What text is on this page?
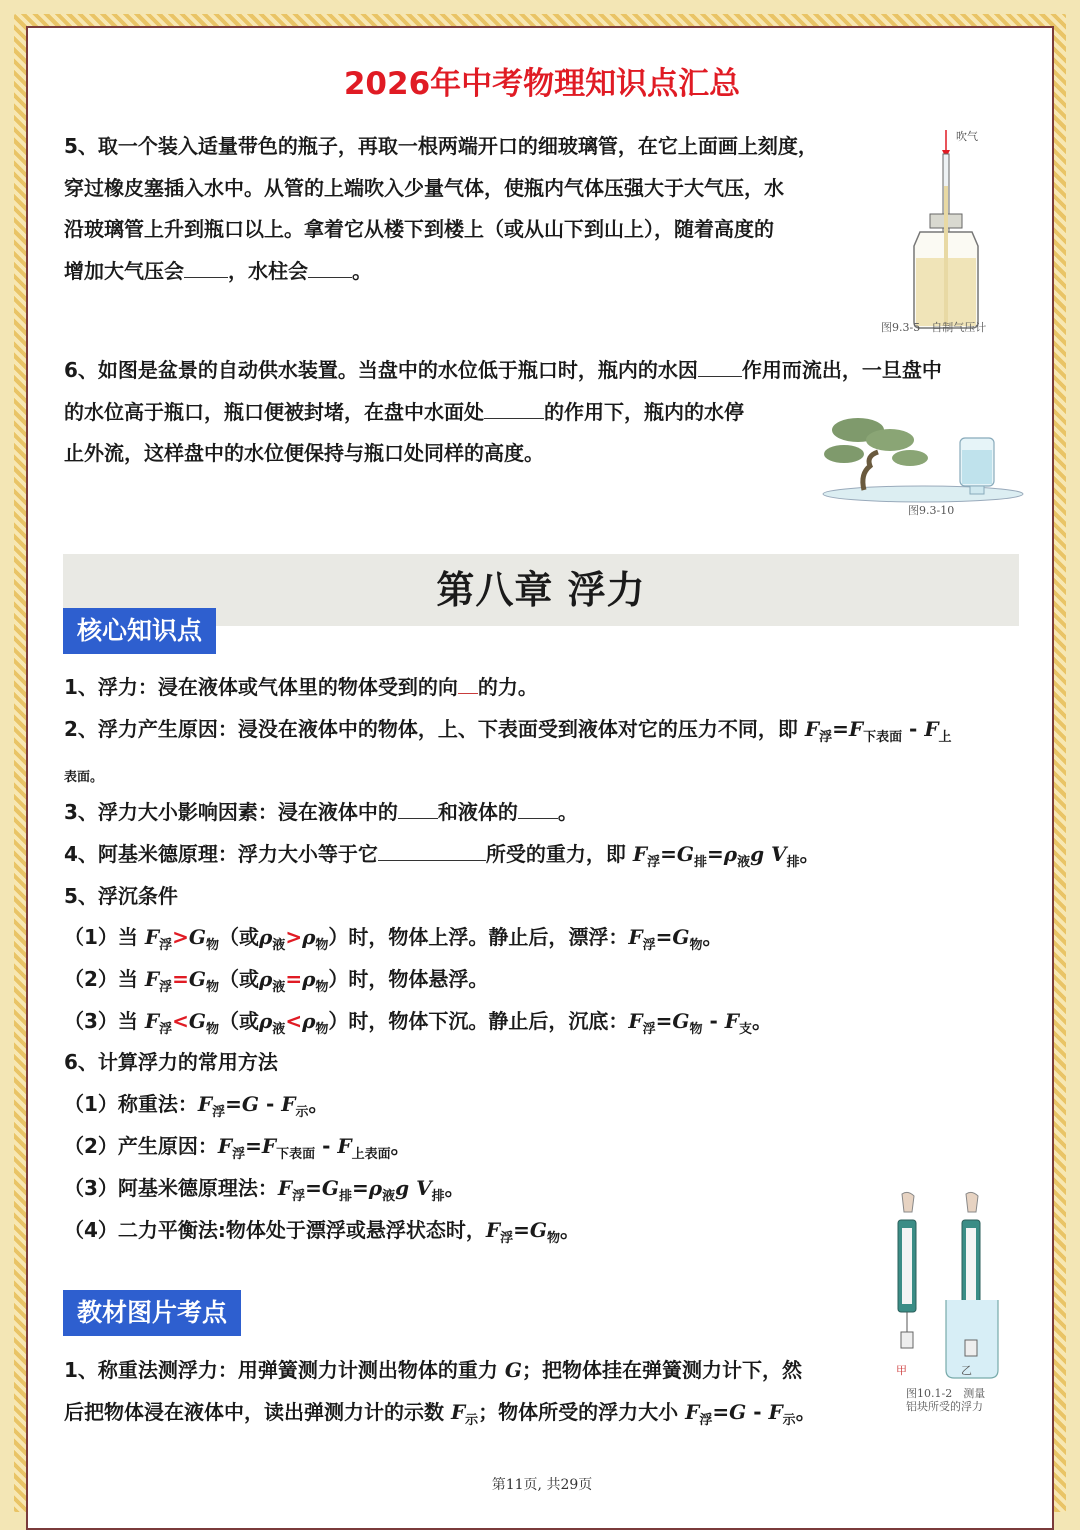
2026年中考物理知识点汇总
5、取一个装入适量带色的瓶子，再取一根两端开口的细玻璃管，在它上面画上刻度，
穿过橡皮塞插入水中。从管的上端吹入少量气体，使瓶内气体压强大于大气压，水
沿玻璃管上升到瓶口以上。拿着它从楼下到楼上（或从山下到山上），随着高度的
增加大气压会 ，水柱会 。
吹气
图9.3-5　自制气压计
6、如图是盆景的自动供水装置。当盘中的水位低于瓶口时，瓶内的水因 作用而流出，一旦盘中
的水位高于瓶口，瓶口便被封堵，在盘中水面处	的作用下，瓶内的水停
止外流，这样盘中的水位便保持与瓶口处同样的高度。
图9.3-10
第八章 浮力
核心知识点
1、浮力：浸在液体或气体里的物体受到的向 的力。
2、浮力产生原因：浸没在液体中的物体，上、下表面受到液体对它的压力不同，即 $F_浮=F_{下表面} - F_上$
表面。
3、浮力大小影响因素：浸在液体中的 和液体的 。
4、阿基米德原理：浮力大小等于它	所受的重力，即 $F_浮=G_排=\rho_液g$ $V_排$。
5、浮沉条件
（1）当 $F_浮>G_物$（或$\rho_液>\rho_物$）时，物体上浮。静止后，漂浮：$F_浮=G_物$。
（2）当 $F_浮=G_物$（或$\rho_液=\rho_物$）时，物体悬浮。
（3）当 $F_浮<G_物$（或$\rho_液<\rho_物$）时，物体下沉。静止后，沉底：$F_浮=G_物 - F_支$。
6、计算浮力的常用方法
（1）称重法：$F_浮=G - F_示$。
（2）产生原因：$F_浮=F_{下表面} - F_{上表面}$。
（3）阿基米德原理法：$F_浮=G_排=\rho_液g$ $V_排$。
（4）二力平衡法:物体处于漂浮或悬浮状态时，$F_浮=G_物$。
甲	乙
图10.1-2　测量
铝块所受的浮力
教材图片考点
1、称重法测浮力：用弹簧测力计测出物体的重力 G；把物体挂在弹簧测力计下，然
后把物体浸在液体中，读出弹测力计的示数 $F_示$；物体所受的浮力大小 $F_浮=G - F_示$。
第11页, 共29页
